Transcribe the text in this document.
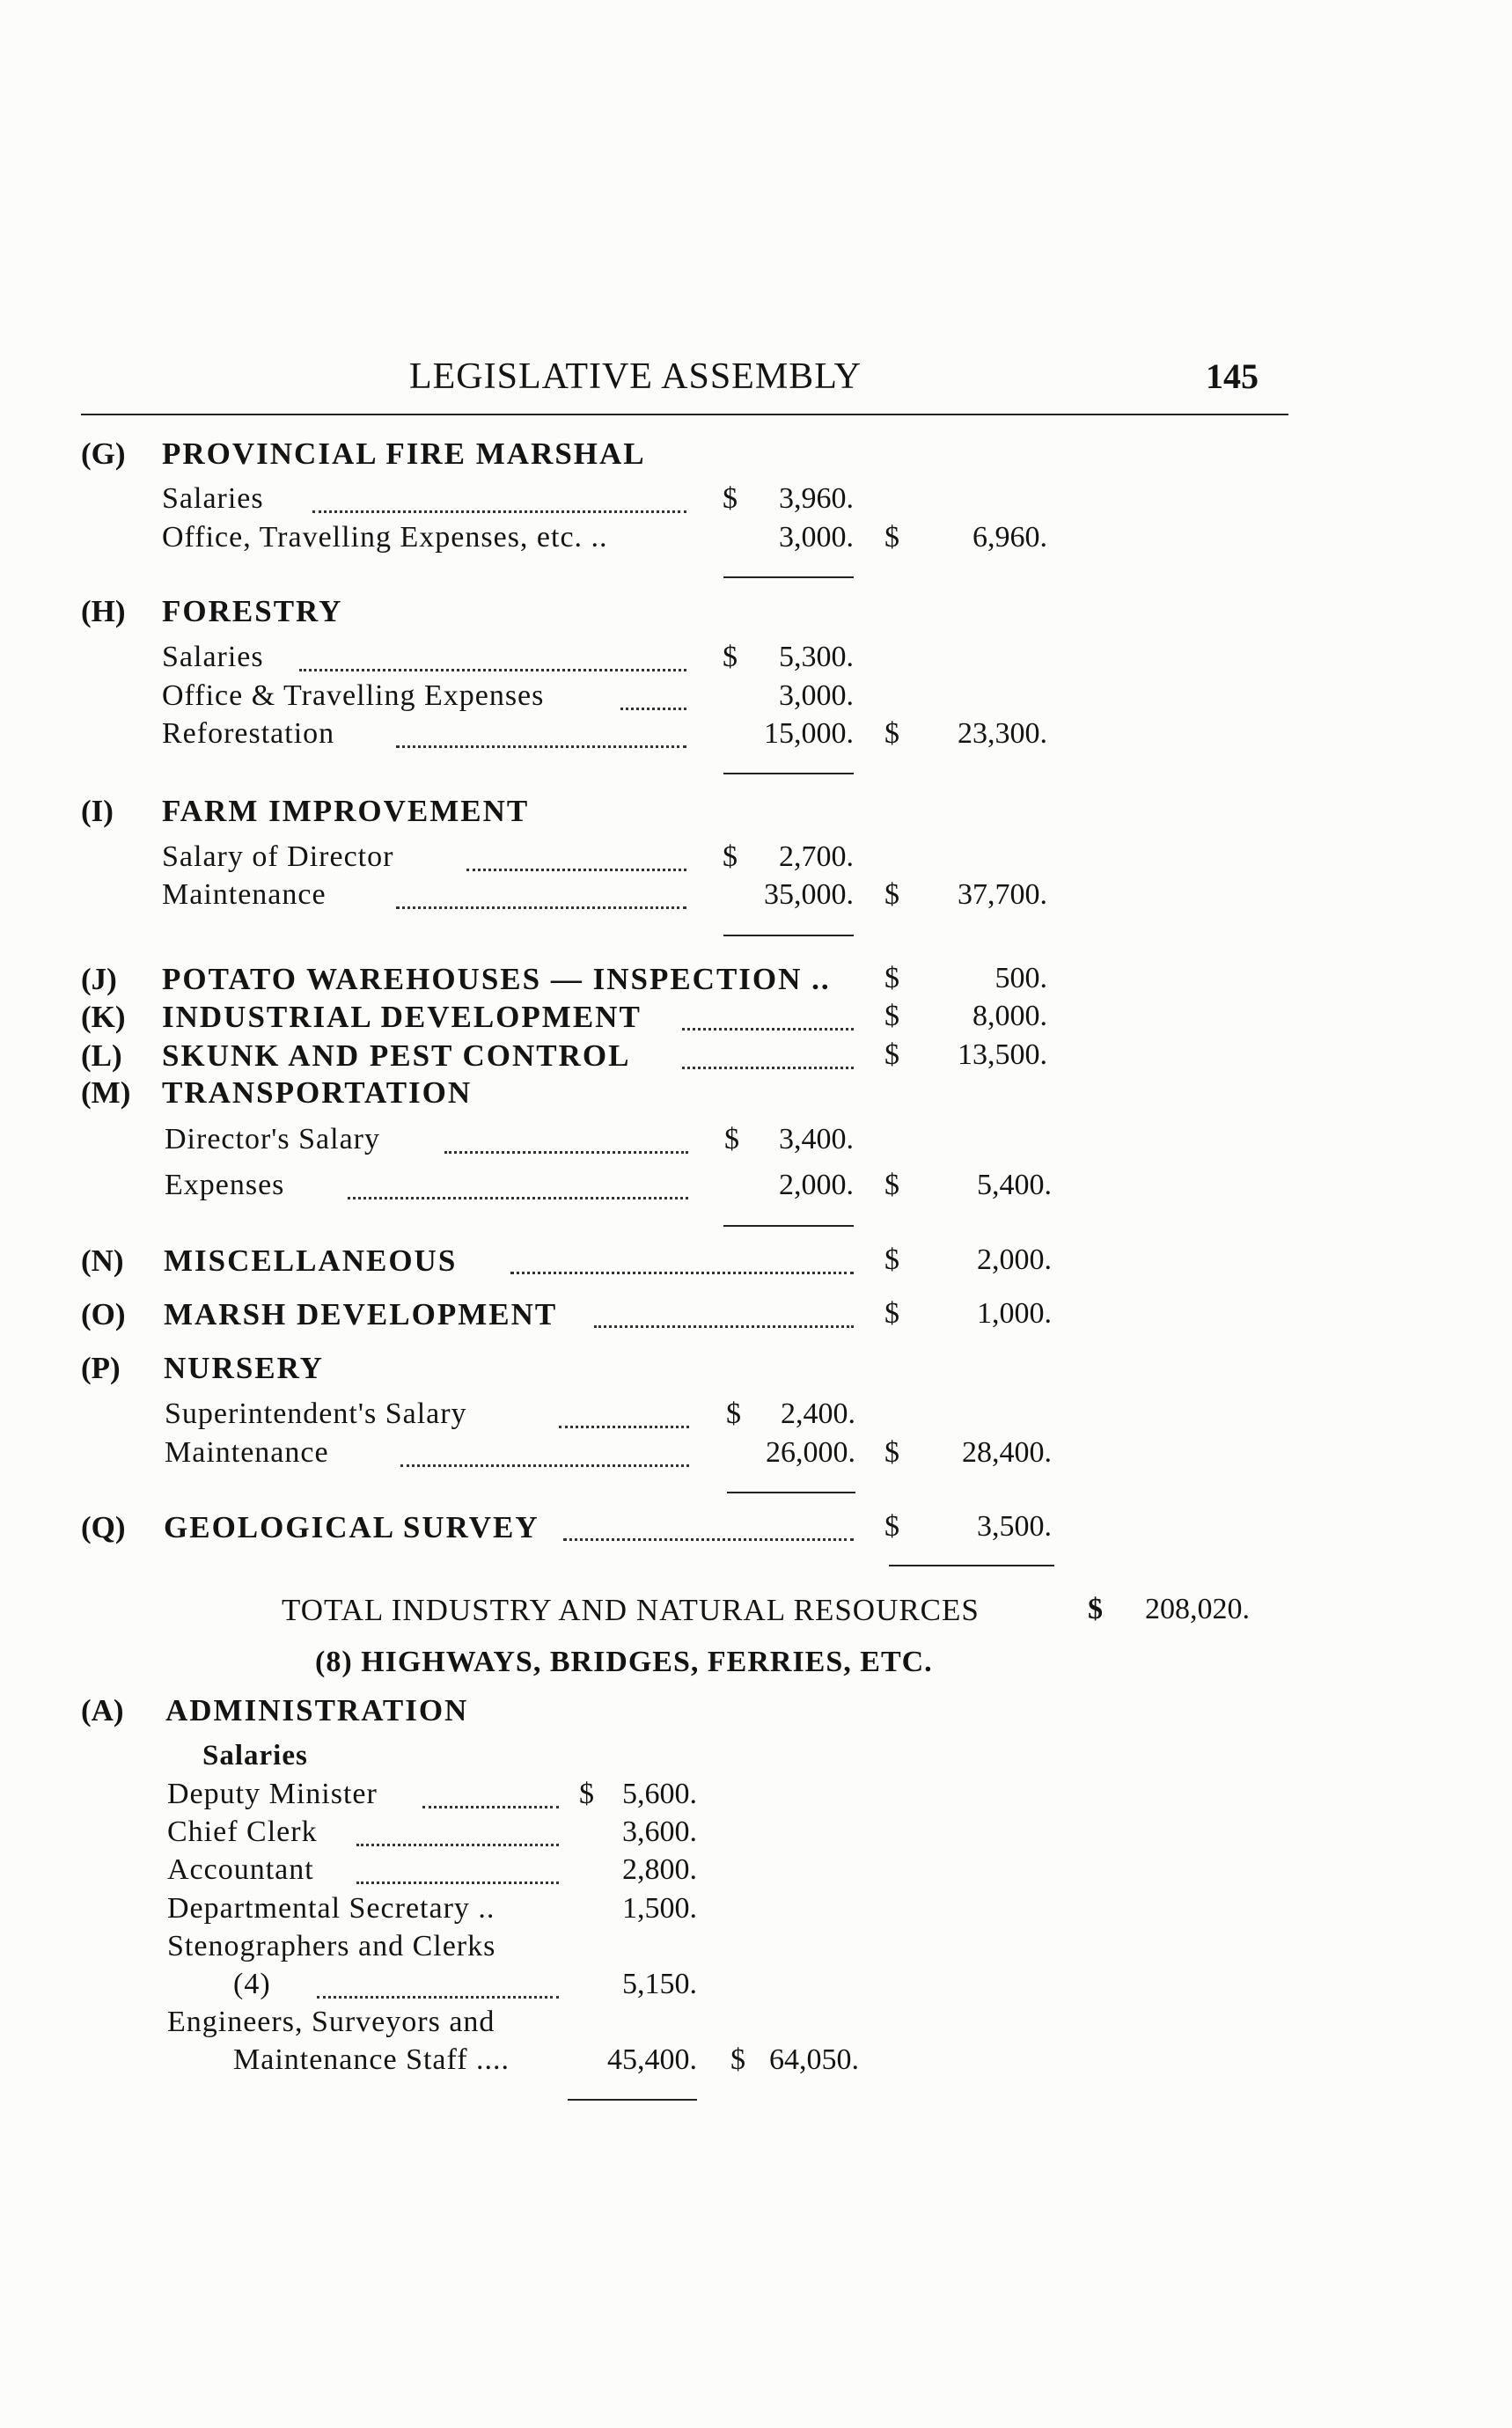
LEGISLATIVE ASSEMBLY	145
(G) PROVINCIAL FIRE MARSHAL
Salaries	$	3,960.
Office, Travelling Expenses, etc. ..	3,000. $	6,960.
(H) FORESTRY
Salaries	$	5,300.
Office & Travelling Expenses	3,000.
Reforestation	15,000. $	23,300.
(I) FARM IMPROVEMENT
Salary of Director	$	2,700.
Maintenance	35,000. $	37,700.
(J) POTATO WAREHOUSES — INSPECTION .. $	500.
(K) INDUSTRIAL DEVELOPMENT	$	8,000.
(L) SKUNK AND PEST CONTROL	$	13,500.
(M) TRANSPORTATION
Director's Salary	$	3,400.
Expenses	2,000. $	5,400.
(N) MISCELLANEOUS	$	2,000.
(O) MARSH DEVELOPMENT	$	1,000.
(P) NURSERY
Superintendent's Salary	$	2,400.
Maintenance	26,000. $	28,400.
(Q) GEOLOGICAL SURVEY	$	3,500.
TOTAL INDUSTRY AND NATURAL RESOURCES	$	208,020.
(8) HIGHWAYS, BRIDGES, FERRIES, ETC.
(A) ADMINISTRATION
Salaries
Deputy Minister	$ 5,600.
Chief Clerk	3,600.
Accountant	2,800.
Departmental Secretary ..	1,500.
Stenographers and Clerks
(4)	5,150.
Engineers, Surveyors and
Maintenance Staff ....	45,400. $ 64,050.
